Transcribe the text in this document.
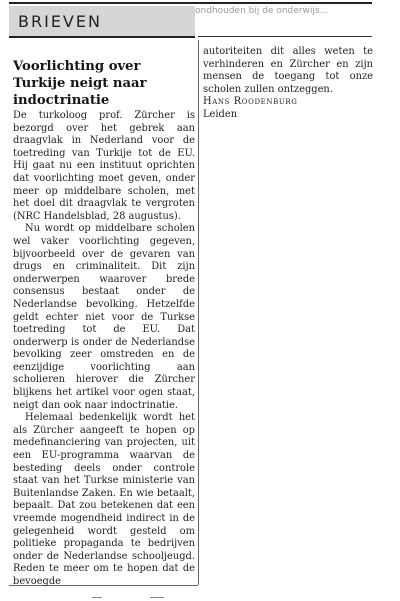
BRIEVEN
ondhouden bij de onderwijs...
Voorlichting over Turkije neigt naar indoctrinatie

De turkoloog prof. Zürcher is bezorgd over het gebrek aan draagvlak in Nederland voor de toetreding van Turkije tot de EU. Hij gaat nu een instituut oprichten dat voorlichting moet geven, onder meer op middelbare scholen, met het doel dit draagvlak te vergroten (NRC Handelsblad, 28 augustus).

Nu wordt op middelbare scholen wel vaker voorlichting gegeven, bijvoorbeeld over de gevaren van drugs en criminaliteit. Dit zijn onderwerpen waarover brede consensus bestaat onder de Nederlandse bevolking. Hetzelfde geldt echter niet voor de Turkse toetreding tot de EU. Dat onderwerp is onder de Nederlandse bevolking zeer omstreden en de eenzijdige voorlichting aan scholieren hierover die Zürcher blijkens het artikel voor ogen staat, neigt dan ook naar indoctrinatie.

Helemaal bedenkelijk wordt het als Zürcher aangeeft te hopen op medefinanciering van projecten, uit een EU-programma waarvan de besteding deels onder controle staat van het Turkse ministerie van Buitenlandse Zaken. En wie betaalt, bepaalt. Dat zou betekenen dat een vreemde mogendheid indirect in de gelegenheid wordt gesteld om politieke propaganda te bedrijven onder de Nederlandse schooljeugd. Reden te meer om te hopen dat de bevoegde

autoriteiten dit alles weten te verhinderen en Zürcher en zijn mensen de toegang tot onze scholen zullen ontzeggen.

Hans Roodenburg

Leiden
